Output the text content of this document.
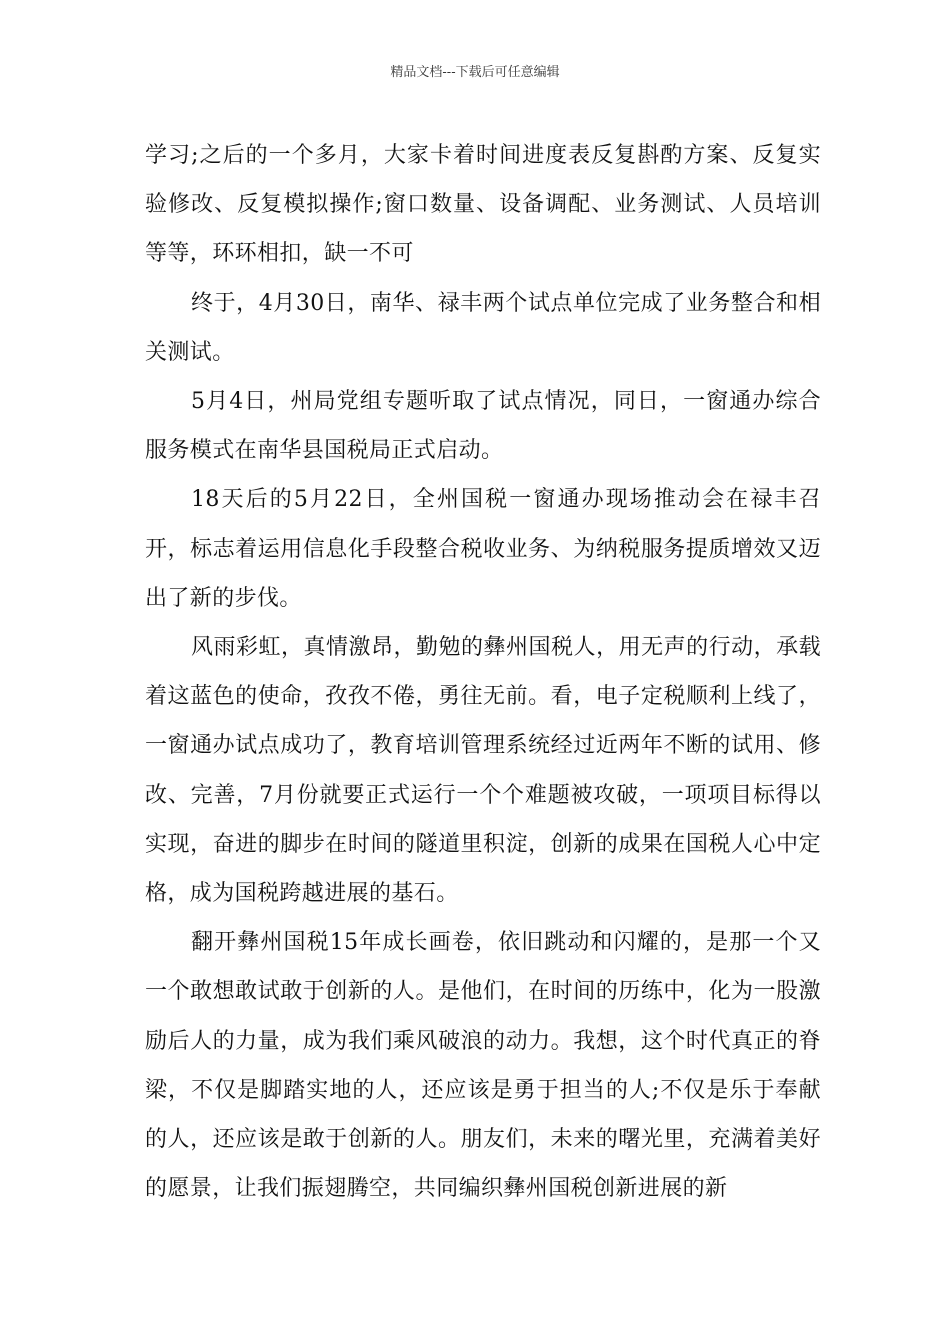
精品文档---下载后可任意编辑

学习;之后的一个多月，大家卡着时间进度表反复斟酌方案、反复实验修改、反复模拟操作;窗口数量、设备调配、业务测试、人员培训等等，环环相扣，缺一不可

终于，4月30日，南华、禄丰两个试点单位完成了业务整合和相关测试。

5月4日，州局党组专题听取了试点情况，同日，一窗通办综合服务模式在南华县国税局正式启动。

18天后的5月22日，全州国税一窗通办现场推动会在禄丰召开，标志着运用信息化手段整合税收业务、为纳税服务提质增效又迈出了新的步伐。

风雨彩虹，真情激昂，勤勉的彝州国税人，用无声的行动，承载着这蓝色的使命，孜孜不倦，勇往无前。看，电子定税顺利上线了，一窗通办试点成功了，教育培训管理系统经过近两年不断的试用、修改、完善，7月份就要正式运行一个个难题被攻破，一项项目标得以实现，奋进的脚步在时间的隧道里积淀，创新的成果在国税人心中定格，成为国税跨越进展的基石。

翻开彝州国税15年成长画卷，依旧跳动和闪耀的，是那一个又一个敢想敢试敢于创新的人。是他们，在时间的历练中，化为一股激励后人的力量，成为我们乘风破浪的动力。我想，这个时代真正的脊梁，不仅是脚踏实地的人，还应该是勇于担当的人;不仅是乐于奉献的人，还应该是敢于创新的人。朋友们，未来的曙光里，充满着美好的愿景，让我们振翅腾空，共同编织彝州国税创新进展的新
